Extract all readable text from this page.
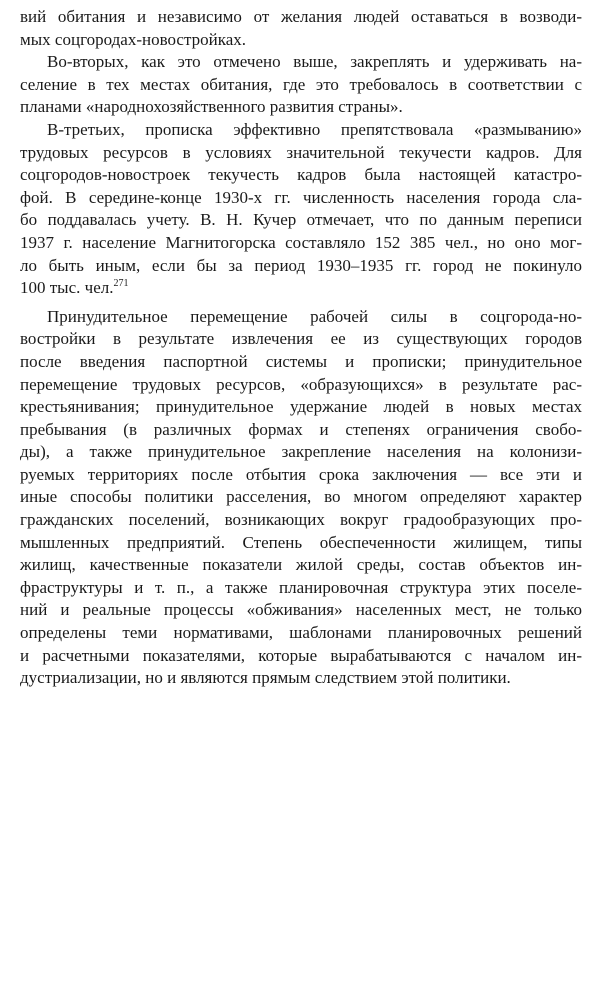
вий обитания и независимо от желания людей оставаться в возводи-
мых соцгородах-новостройках.

Во-вторых, как это отмечено выше, закреплять и удерживать на-
селение в тех местах обитания, где это требовалось в соответствии с
планами «народнохозяйственного развития страны».

В-третьих, прописка эффективно препятствовала «размыванию»
трудовых ресурсов в условиях значительной текучести кадров. Для
соцгородов-новостроек текучесть кадров была настоящей катастро-
фой. В середине-конце 1930-х гг. численность населения города сла-
бо поддавалась учету. В. Н. Кучер отмечает, что по данным переписи
1937 г. население Магнитогорска составляло 152 385 чел., но оно мог-
ло быть иным, если бы за период 1930–1935 гг. город не покинуло
100 тыс. чел.$^{271}$

Принудительное перемещение рабочей силы в соцгорода-но-
востройки в результате извлечения ее из существующих городов
после введения паспортной системы и прописки; принудительное
перемещение трудовых ресурсов, «образующихся» в результате рас-
крестьянивания; принудительное удержание людей в новых местах
пребывания (в различных формах и степенях ограничения свобо-
ды), а также принудительное закрепление населения на колонизи-
руемых территориях после отбытия срока заключения — все эти и
иные способы политики расселения, во многом определяют характер
гражданских поселений, возникающих вокруг градообразующих про-
мышленных предприятий. Степень обеспеченности жилищем, типы
жилищ, качественные показатели жилой среды, состав объектов ин-
фраструктуры и т. п., а также планировочная структура этих поселе-
ний и реальные процессы «обживания» населенных мест, не только
определены теми нормативами, шаблонами планировочных решений
и расчетными показателями, которые вырабатываются с началом ин-
дустриализации, но и являются прямым следствием этой политики.
